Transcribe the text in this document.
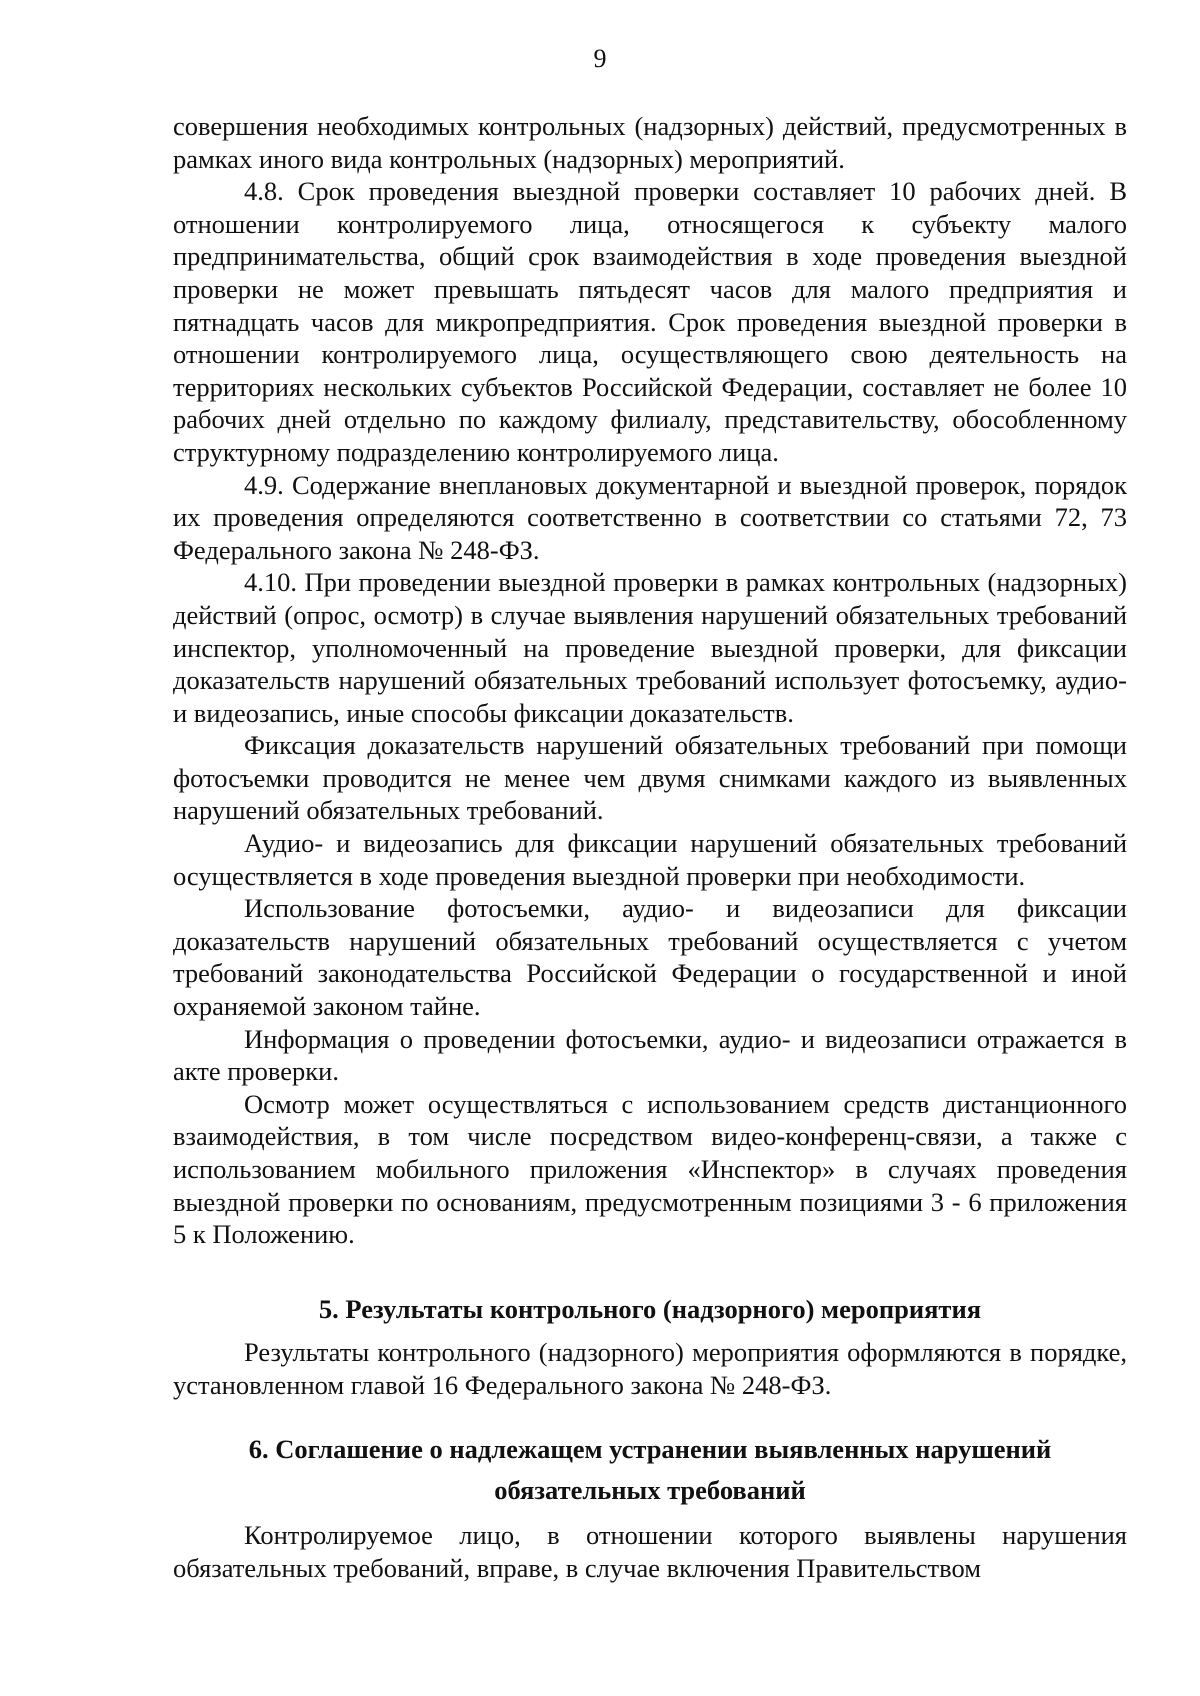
9

совершения необходимых контрольных (надзорных) действий, предусмотренных в рамках иного вида контрольных (надзорных) мероприятий.

4.8. Срок проведения выездной проверки составляет 10 рабочих дней. В отношении контролируемого лица, относящегося к субъекту малого предпринимательства, общий срок взаимодействия в ходе проведения выездной проверки не может превышать пятьдесят часов для малого предприятия и пятнадцать часов для микропредприятия. Срок проведения выездной проверки в отношении контролируемого лица, осуществляющего свою деятельность на территориях нескольких субъектов Российской Федерации, составляет не более 10 рабочих дней отдельно по каждому филиалу, представительству, обособленному структурному подразделению контролируемого лица.

4.9. Содержание внеплановых документарной и выездной проверок, порядок их проведения определяются соответственно в соответствии со статьями 72, 73 Федерального закона № 248-ФЗ.

4.10. При проведении выездной проверки в рамках контрольных (надзорных) действий (опрос, осмотр) в случае выявления нарушений обязательных требований инспектор, уполномоченный на проведение выездной проверки, для фиксации доказательств нарушений обязательных требований использует фотосъемку, аудио- и видеозапись, иные способы фиксации доказательств.

Фиксация доказательств нарушений обязательных требований при помощи фотосъемки проводится не менее чем двумя снимками каждого из выявленных нарушений обязательных требований.

Аудио- и видеозапись для фиксации нарушений обязательных требований осуществляется в ходе проведения выездной проверки при необходимости.

Использование фотосъемки, аудио- и видеозаписи для фиксации доказательств нарушений обязательных требований осуществляется с учетом требований законодательства Российской Федерации о государственной и иной охраняемой законом тайне.

Информация о проведении фотосъемки, аудио- и видеозаписи отражается в акте проверки.

Осмотр может осуществляться с использованием средств дистанционного взаимодействия, в том числе посредством видео-конференц-связи, а также с использованием мобильного приложения «Инспектор» в случаях проведения выездной проверки по основаниям, предусмотренным позициями 3 - 6 приложения 5 к Положению.

5. Результаты контрольного (надзорного) мероприятия

Результаты контрольного (надзорного) мероприятия оформляются в порядке, установленном главой 16 Федерального закона № 248-ФЗ.

6. Соглашение о надлежащем устранении выявленных нарушений

обязательных требований

Контролируемое лицо, в отношении которого выявлены нарушения обязательных требований, вправе, в случае включения Правительством
